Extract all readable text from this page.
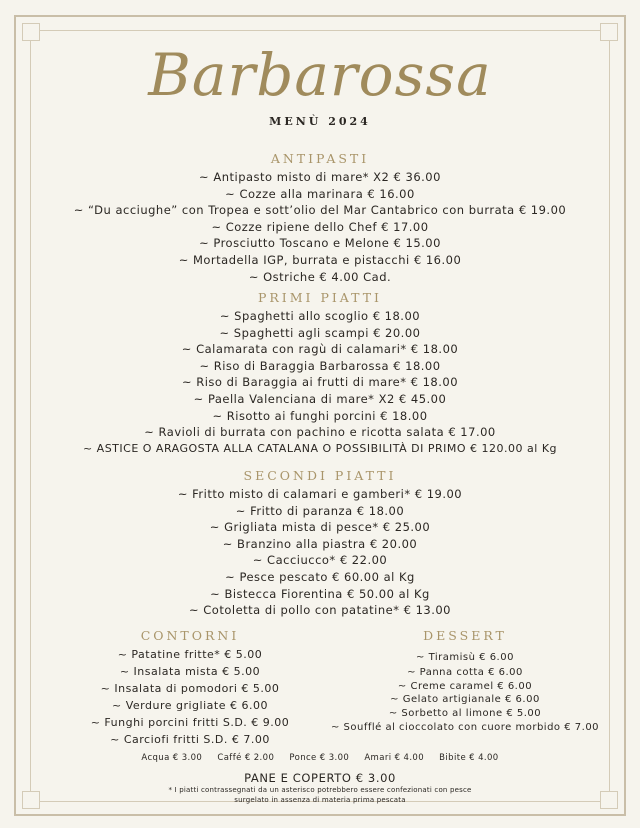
Barbarossa
MENÙ 2024
ANTIPASTI
~ Antipasto misto di mare* X2 € 36.00
~ Cozze alla marinara € 16.00
~ “Du acciughe” con Tropea e sott’olio del Mar Cantabrico con burrata € 19.00
~ Cozze ripiene dello Chef € 17.00
~ Prosciutto Toscano e Melone € 15.00
~ Mortadella IGP, burrata e pistacchi € 16.00
~ Ostriche € 4.00 Cad.
PRIMI PIATTI
~ Spaghetti allo scoglio € 18.00
~ Spaghetti agli scampi € 20.00
~ Calamarata con ragù di calamari* € 18.00
~ Riso di Baraggia Barbarossa € 18.00
~ Riso di Baraggia ai frutti di mare* € 18.00
~ Paella Valenciana di mare* X2 € 45.00
~ Risotto ai funghi porcini € 18.00
~ Ravioli di burrata con pachino e ricotta salata € 17.00
~ ASTICE O ARAGOSTA ALLA CATALANA O POSSIBILITÀ DI PRIMO € 120.00 al Kg
SECONDI PIATTI
~ Fritto misto di calamari e gamberi* € 19.00
~ Fritto di paranza € 18.00
~ Grigliata mista di pesce* € 25.00
~ Branzino alla piastra € 20.00
~ Cacciucco* € 22.00
~ Pesce pescato € 60.00 al Kg
~ Bistecca Fiorentina € 50.00 al Kg
~ Cotoletta di pollo con patatine* € 13.00
CONTORNI
~ Patatine fritte* € 5.00
~ Insalata mista € 5.00
~ Insalata di pomodori € 5.00
~ Verdure grigliate € 6.00
~ Funghi porcini fritti S.D. € 9.00
~ Carciofi fritti S.D. € 7.00
DESSERT
~ Tiramisù € 6.00
~ Panna cotta € 6.00
~ Creme caramel € 6.00
~ Gelato artigianale € 6.00
~ Sorbetto al limone € 5.00
~ Soufflé al cioccolato con cuore morbido € 7.00
Acqua € 3.00 Caffé € 2.00 Ponce € 3.00 Amari € 4.00 Bibite € 4.00
PANE E COPERTO € 3.00
* I piatti contrassegnati da un asterisco potrebbero essere confezionati con pesce
surgelato in assenza di materia prima pescata
